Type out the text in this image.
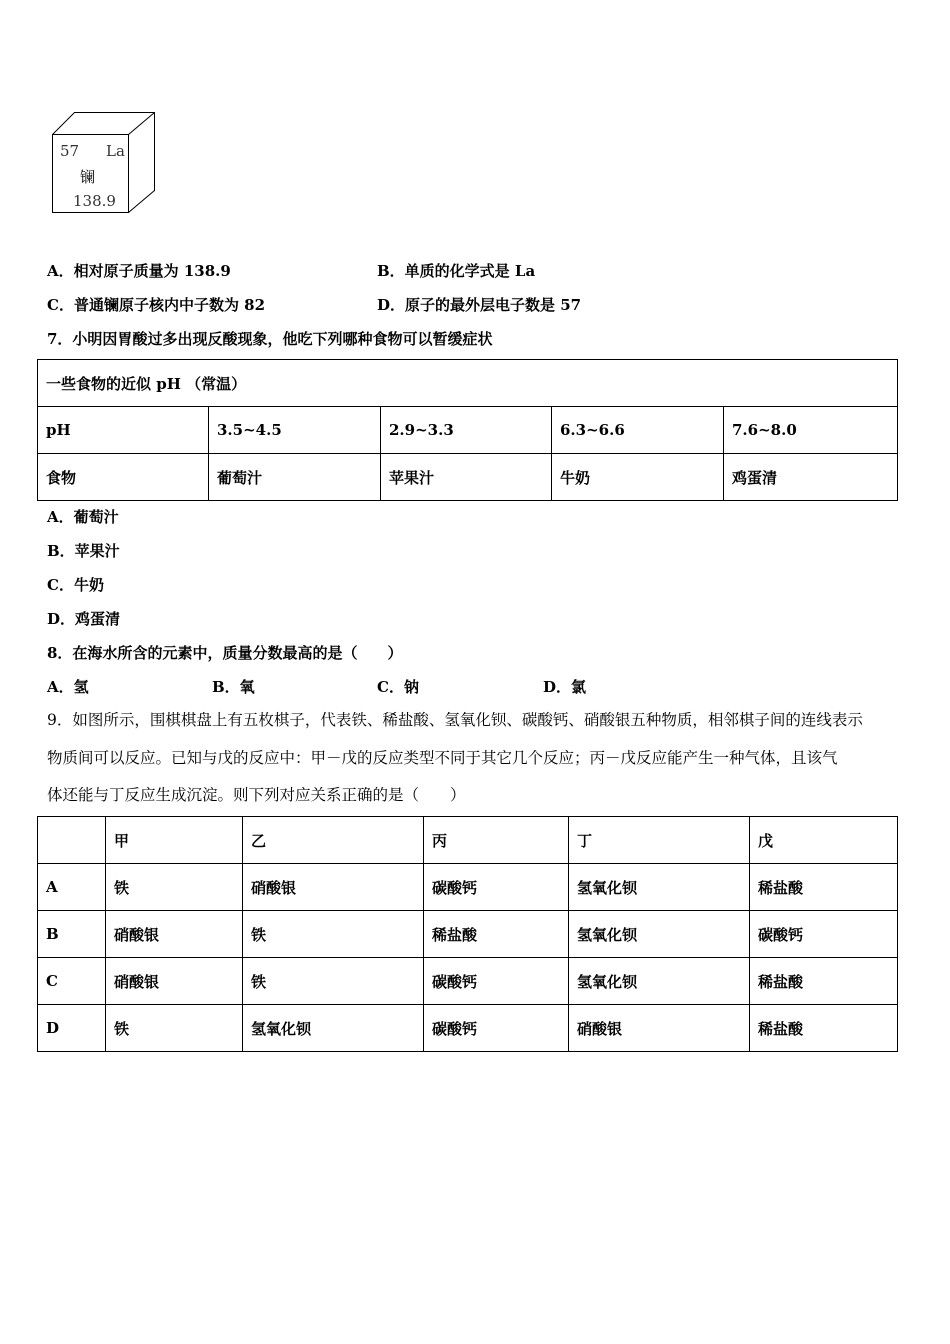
57 La
镧
138.9
A．相对原子质量为 138.9	B．单质的化学式是 La
C．普通镧原子核内中子数为 82	D．原子的最外层电子数是 57
7．小明因胃酸过多出现反酸现象，他吃下列哪种食物可以暂缓症状
一些食物的近似 pH （常温）				
pH	3.5~4.5	2.9~3.3	6.3~6.6	7.6~8.0
食物	葡萄汁	苹果汁	牛奶	鸡蛋清
A．葡萄汁
B．苹果汁
C．牛奶
D．鸡蛋清
8．在海水所含的元素中，质量分数最高的是（　　）
A．氢	B．氧	C．钠	D．氯
9．如图所示，围棋棋盘上有五枚棋子，代表铁、稀盐酸、氢氧化钡、碳酸钙、硝酸银五种物质，相邻棋子间的连线表示
物质间可以反应。已知与戊的反应中：甲－戊的反应类型不同于其它几个反应；丙－戊反应能产生一种气体，且该气
体还能与丁反应生成沉淀。则下列对应关系正确的是（　　）
	甲	乙	丙	丁	戊
A	铁	硝酸银	碳酸钙	氢氧化钡	稀盐酸
B	硝酸银	铁	稀盐酸	氢氧化钡	碳酸钙
C	硝酸银	铁	碳酸钙	氢氧化钡	稀盐酸
D	铁	氢氧化钡	碳酸钙	硝酸银	稀盐酸
